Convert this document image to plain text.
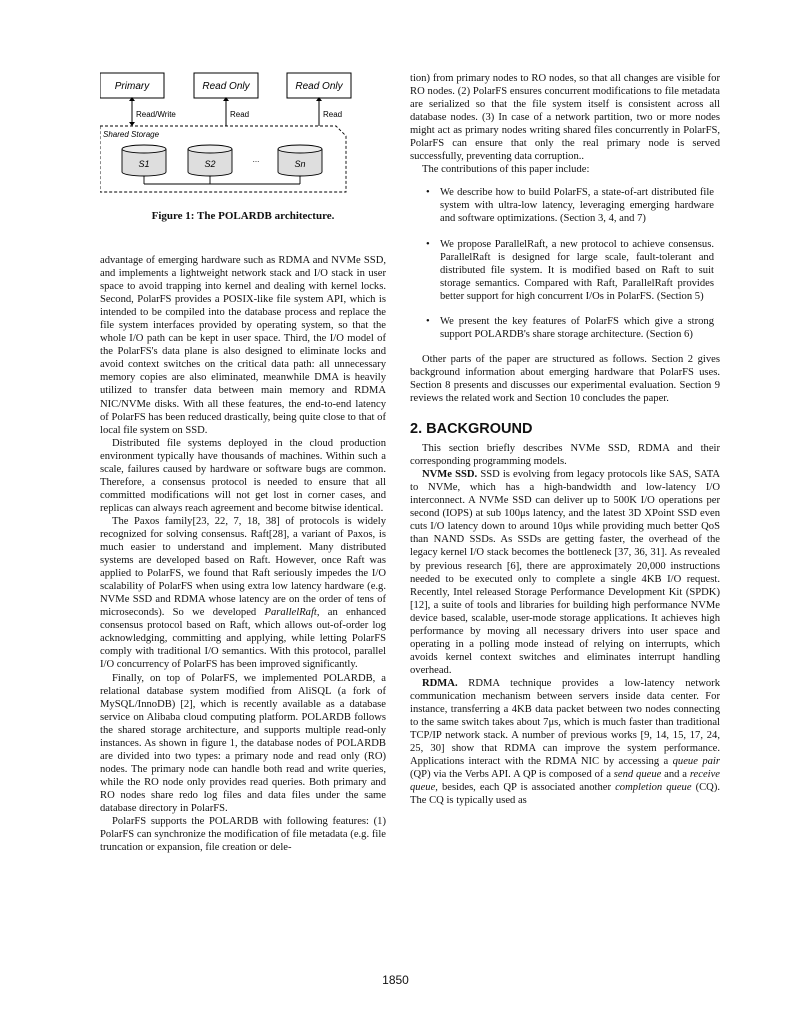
Primary	Read Only	Read Only
Read/Write	Read	Read
Shared Storage
S1	S2	...	Sn
Figure 1: The POLARDB architecture.

advantage of emerging hardware such as RDMA and NVMe SSD, and implements a lightweight network stack and I/O stack in user space to avoid trapping into kernel and dealing with kernel locks. Second, PolarFS provides a POSIX-like file system API, which is intended to be compiled into the database process and replace the file system interfaces provided by operating system, so that the whole I/O path can be kept in user space. Third, the I/O model of the PolarFS's data plane is also designed to eliminate locks and avoid context switches on the critical data path: all unnecessary memory copies are also eliminated, meanwhile DMA is heavily utilized to transfer data between main memory and RDMA NIC/NVMe disks. With all these features, the end-to-end latency of PolarFS has been reduced drastically, being quite close to that of local file system on SSD.

Distributed file systems deployed in the cloud production environment typically have thousands of machines. Within such a scale, failures caused by hardware or software bugs are common. Therefore, a consensus protocol is needed to ensure that all committed modifications will not get lost in corner cases, and replicas can always reach agreement and become bitwise identical.

The Paxos family[23, 22, 7, 18, 38] of protocols is widely recognized for solving consensus. Raft[28], a variant of Paxos, is much easier to understand and implement. Many distributed systems are developed based on Raft. However, once Raft was applied to PolarFS, we found that Raft seriously impedes the I/O scalability of PolarFS when using extra low latency hardware (e.g. NVMe SSD and RDMA whose latency are on the order of tens of microseconds). So we developed ParallelRaft, an enhanced consensus protocol based on Raft, which allows out-of-order log acknowledging, committing and applying, while letting PolarFS comply with traditional I/O semantics. With this protocol, parallel I/O concurrency of PolarFS has been improved significantly.

Finally, on top of PolarFS, we implemented POLARDB, a relational database system modified from AliSQL (a fork of MySQL/InnoDB) [2], which is recently available as a database service on Alibaba cloud computing platform. POLARDB follows the shared storage architecture, and supports multiple read-only instances. As shown in figure 1, the database nodes of POLARDB are divided into two types: a primary node and read only (RO) nodes. The primary node can handle both read and write queries, while the RO node only provides read queries. Both primary and RO nodes share redo log files and data files under the same database directory in PolarFS.

PolarFS supports the POLARDB with following features: (1) PolarFS can synchronize the modification of file metadata (e.g. file truncation or expansion, file creation or dele-

tion) from primary nodes to RO nodes, so that all changes are visible for RO nodes. (2) PolarFS ensures concurrent modifications to file metadata are serialized so that the file system itself is consistent across all database nodes. (3) In case of a network partition, two or more nodes might act as primary nodes writing shared files concurrently in PolarFS, PolarFS can ensure that only the real primary node is served successfully, preventing data corruption..

The contributions of this paper include:

• We describe how to build PolarFS, a state-of-art distributed file system with ultra-low latency, leveraging emerging hardware and software optimizations. (Section 3, 4, and 7)
• We propose ParallelRaft, a new protocol to achieve consensus. ParallelRaft is designed for large scale, fault-tolerant and distributed file system. It is modified based on Raft to suit storage semantics. Compared with Raft, ParallelRaft provides better support for high concurrent I/Os in PolarFS. (Section 5)
• We present the key features of PolarFS which give a strong support POLARDB's share storage architecture. (Section 6)

Other parts of the paper are structured as follows. Section 2 gives background information about emerging hardware that PolarFS uses. Section 8 presents and discusses our experimental evaluation. Section 9 reviews the related work and Section 10 concludes the paper.

2. BACKGROUND

This section briefly describes NVMe SSD, RDMA and their corresponding programming models.

NVMe SSD. SSD is evolving from legacy protocols like SAS, SATA to NVMe, which has a high-bandwidth and low-latency I/O interconnect. A NVMe SSD can deliver up to 500K I/O operations per second (IOPS) at sub 100μs latency, and the latest 3D XPoint SSD even cuts I/O latency down to around 10μs while providing much better QoS than NAND SSDs. As SSDs are getting faster, the overhead of the legacy kernel I/O stack becomes the bottleneck [37, 36, 31]. As revealed by previous research [6], there are approximately 20,000 instructions needed to be executed only to complete a single 4KB I/O request. Recently, Intel released Storage Performance Development Kit (SPDK) [12], a suite of tools and libraries for building high performance NVMe device based, scalable, user-mode storage applications. It achieves high performance by moving all necessary drivers into user space and operating in a polling mode instead of relying on interrupts, which avoids kernel context switches and eliminates interrupt handling overhead.

RDMA. RDMA technique provides a low-latency network communication mechanism between servers inside data center. For instance, transferring a 4KB data packet between two nodes connecting to the same switch takes about 7μs, which is much faster than traditional TCP/IP network stack. A number of previous works [9, 14, 15, 17, 24, 25, 30] show that RDMA can improve the system performance. Applications interact with the RDMA NIC by accessing a queue pair (QP) via the Verbs API. A QP is composed of a send queue and a receive queue, besides, each QP is associated another completion queue (CQ). The CQ is typically used as

1850
